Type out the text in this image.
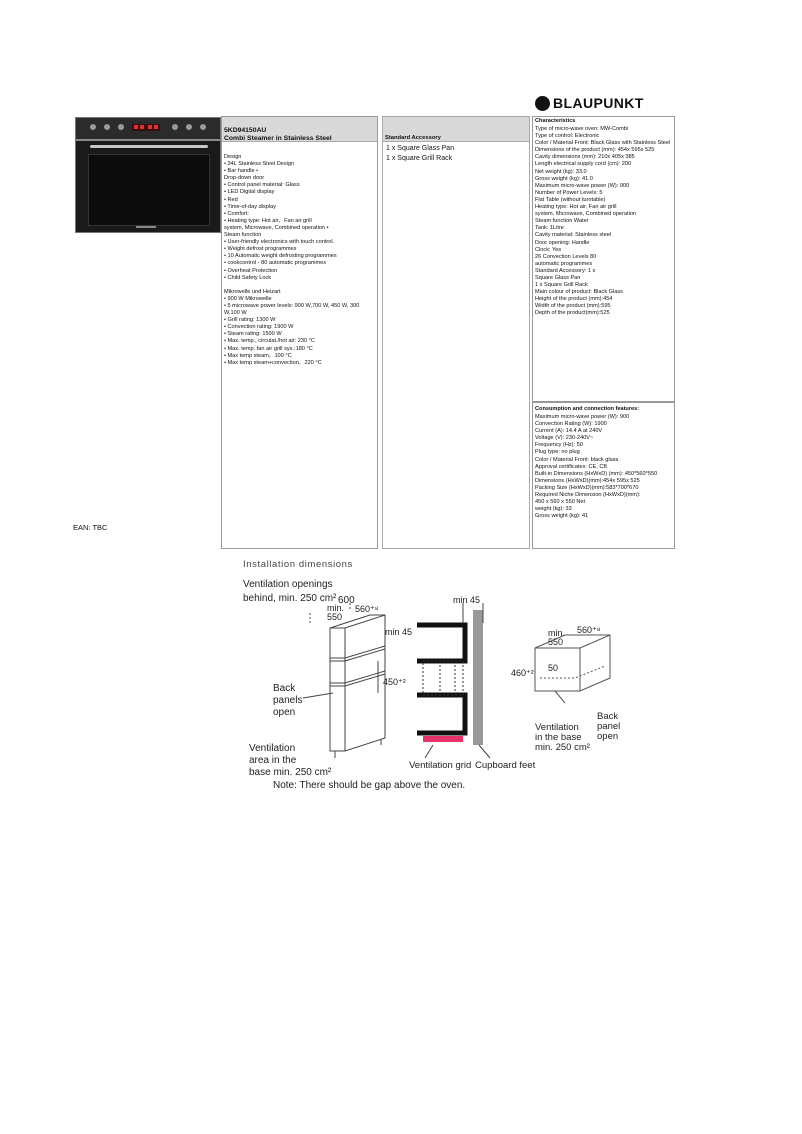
EAN: TBC
5KD94150AU
Combi Steamer in Stainless Steel
Design
• 34L Stainless Steel Design
• Bar handle •
Drop-down door
• Control panel material: Glass
• LED Digital display
• Red
• Time-of-day display
• Comfort:
• Heating type: Hot air、Fan air grill
system, Microwave, Combined operation •
Steam function
• User-friendly electronics with touch control.
• Weight defrost programmes
• 10 Automatic weight defrosting programmes
• cookcontrol - 80 automatic programmes
• Overheat Protection
• Child Safety Lock

Mikrowelle und Heizart
• 900 W Mikrowelle
• 5 microwave power levels: 900 W,700 W, 450 W, 300
W,100 W
• Grill rating: 1300 W
• Convection rating: 1900 W
• Steam rating: 1500 W
• Max. temp., circulat./hot air: 230 °C
• Max. temp. fan air grill sys.:180 °C
• Max temp steam、100 °C
• Max temp steam+convection、220 °C
Standard Accessory
1 x Square Glass Pan
1 x Square Grill Rack
BLAUPUNKT
Characteristics
Type of micro-wave oven: MW-Combi
Type of control: Electronic
Color / Material Front: Black Glass with Stainless Steel
Dimensions of the product (mm): 454x 595x 525
Cavity dimensions (mm): 210x 405x 385
Length electrical supply cord (cm): 200
Net weight (kg): 33.0
Gross weight (kg): 41.0
Maximum micro-wave power (W): 900
Number of Power Levels: 5
Flat Table (without turntable)
Heating type: Hot air, Fan air grill
system, Microwave, Combined operation
Steam function Water
Tank: 1Litre
Cavity material: Stainless steel
Door opening: Handle
Clock: Yes
26 Convection Levels 80
automatic programmes
Standard Accessory: 1 x
Square Glass Pan
1 x Square Grill Rack
Main colour of product: Black Glass
Height of the product (mm):454
Width of the product (mm):595
Depth of the product(mm):525
Consumption and connection features:
Maximum micro-wave power (W): 900
Convection Rating (W): 1900
Current (A): 14.4 A at 240V
Voltage (V): 230-240V~
Frequency (Hz): 50
Plug type: no plug
Color / Material Front: black glass
Approval certificates: CE, CB
Built-in Dimensions (HxWxD) (mm): 450*560*550
Dimensions (HxWxD)(mm):454x 595x 525
Packing Size (HxWxD)(mm):583*700*670
Required Niche Dimension (HxWxD)(mm):
450 x 560 x 550 Net
weight (kg): 33
Gross weight (kg): 41
Installation dimensions
Ventilation openings
behind, min. 250 cm² 600
min.
550
560⁺⁸
min 45
450⁺²
Back
panels
open
Ventilation
area in the
base min. 250 cm²
min 45
Ventilation grid Cupboard feet
min.
550
560⁺⁸
460⁺² 50
Back
panel
open
Ventilation
in the base
min. 250 cm²
Note: There should be gap above the oven.
